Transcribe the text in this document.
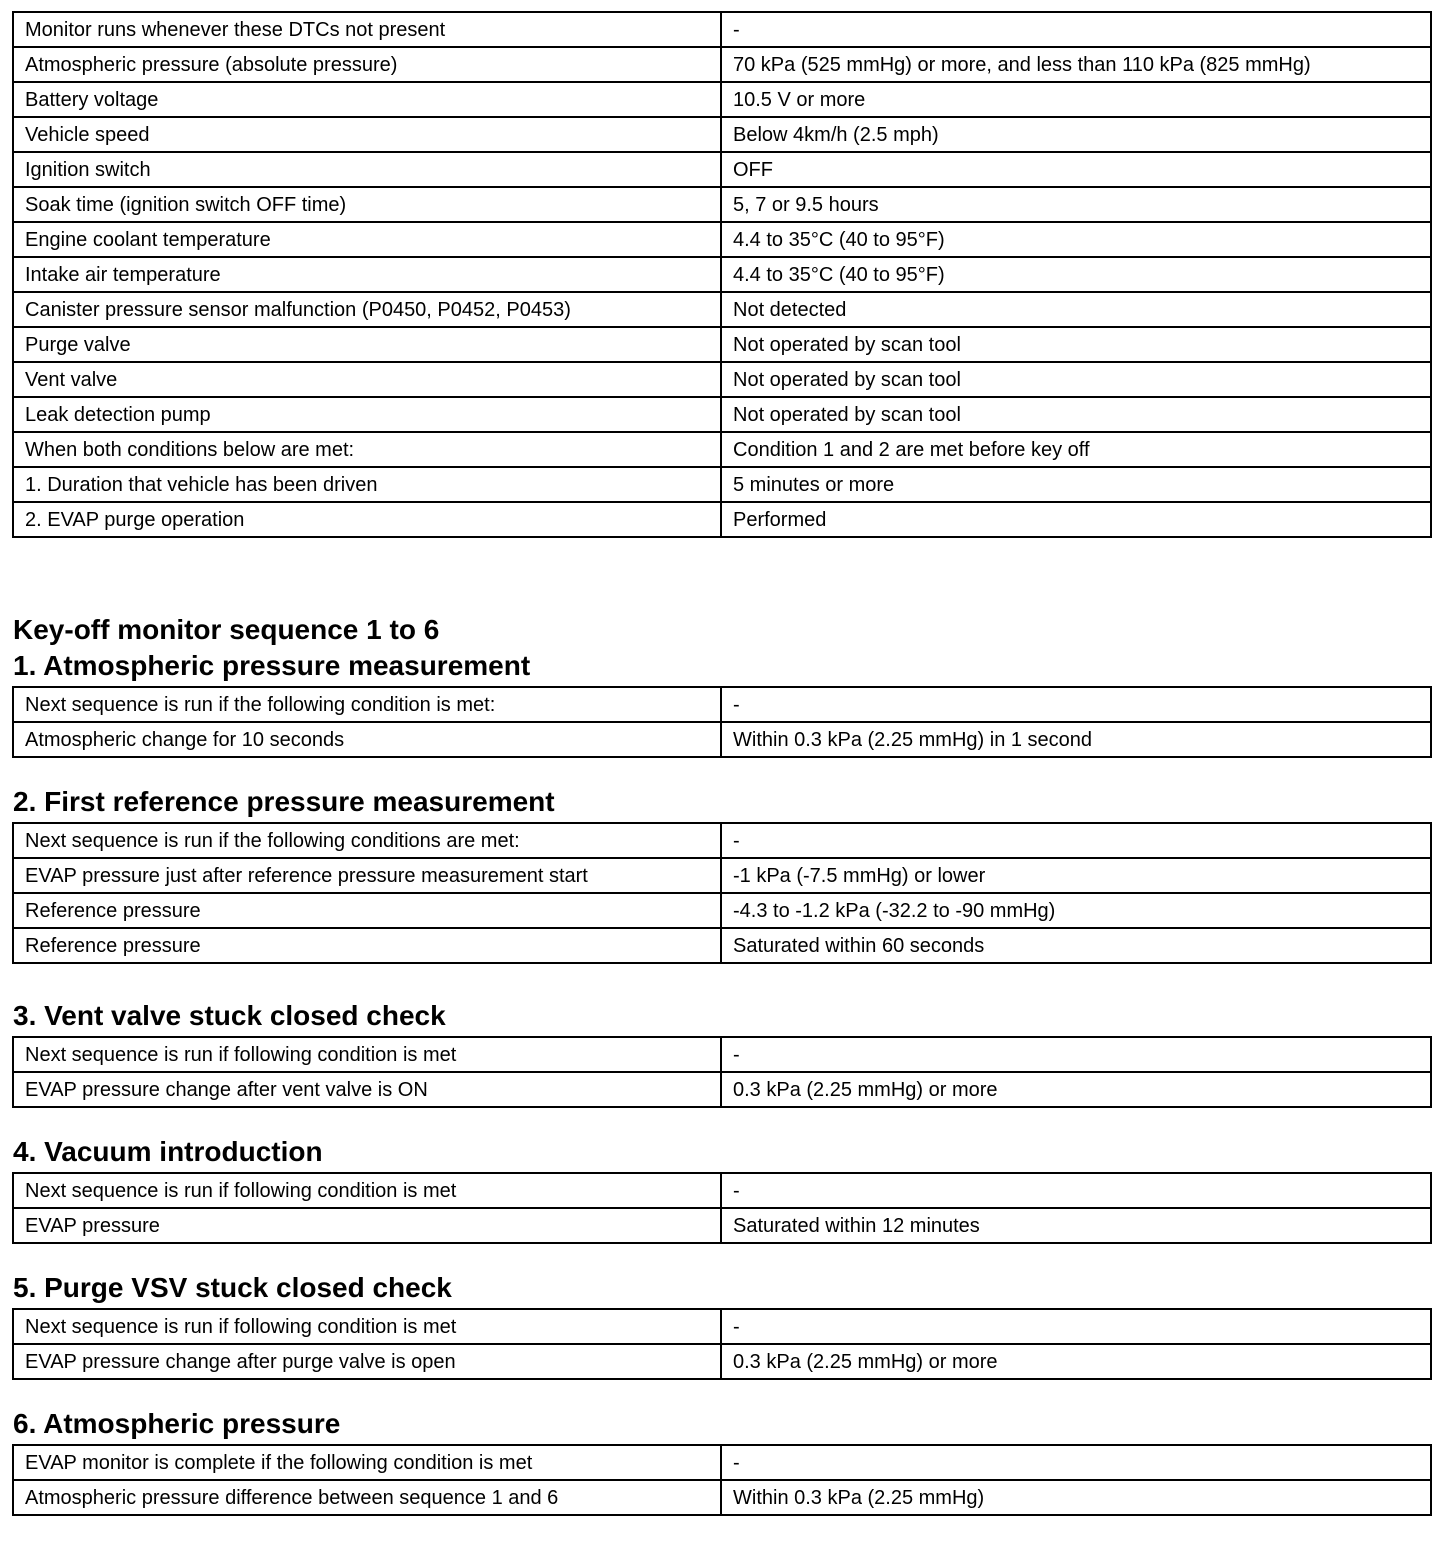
Monitor runs whenever these DTCs not present	-
Atmospheric pressure (absolute pressure)	70 kPa (525 mmHg) or more, and less than 110 kPa (825 mmHg)
Battery voltage	10.5 V or more
Vehicle speed	Below 4km/h (2.5 mph)
Ignition switch	OFF
Soak time (ignition switch OFF time)	5, 7 or 9.5 hours
Engine coolant temperature	4.4 to 35°C (40 to 95°F)
Intake air temperature	4.4 to 35°C (40 to 95°F)
Canister pressure sensor malfunction (P0450, P0452, P0453)	Not detected
Purge valve	Not operated by scan tool
Vent valve	Not operated by scan tool
Leak detection pump	Not operated by scan tool
When both conditions below are met:	Condition 1 and 2 are met before key off
1. Duration that vehicle has been driven	5 minutes or more
2. EVAP purge operation	Performed
Key-off monitor sequence 1 to 6
1. Atmospheric pressure measurement
Next sequence is run if the following condition is met:	-
Atmospheric change for 10 seconds	Within 0.3 kPa (2.25 mmHg) in 1 second
2. First reference pressure measurement
Next sequence is run if the following conditions are met:	-
EVAP pressure just after reference pressure measurement start	-1 kPa (-7.5 mmHg) or lower
Reference pressure	-4.3 to -1.2 kPa (-32.2 to -90 mmHg)
Reference pressure	Saturated within 60 seconds
3. Vent valve stuck closed check
Next sequence is run if following condition is met	-
EVAP pressure change after vent valve is ON	0.3 kPa (2.25 mmHg) or more
4. Vacuum introduction
Next sequence is run if following condition is met	-
EVAP pressure	Saturated within 12 minutes
5. Purge VSV stuck closed check
Next sequence is run if following condition is met	-
EVAP pressure change after purge valve is open	0.3 kPa (2.25 mmHg) or more
6. Atmospheric pressure
EVAP monitor is complete if the following condition is met	-
Atmospheric pressure difference between sequence 1 and 6	Within 0.3 kPa (2.25 mmHg)
